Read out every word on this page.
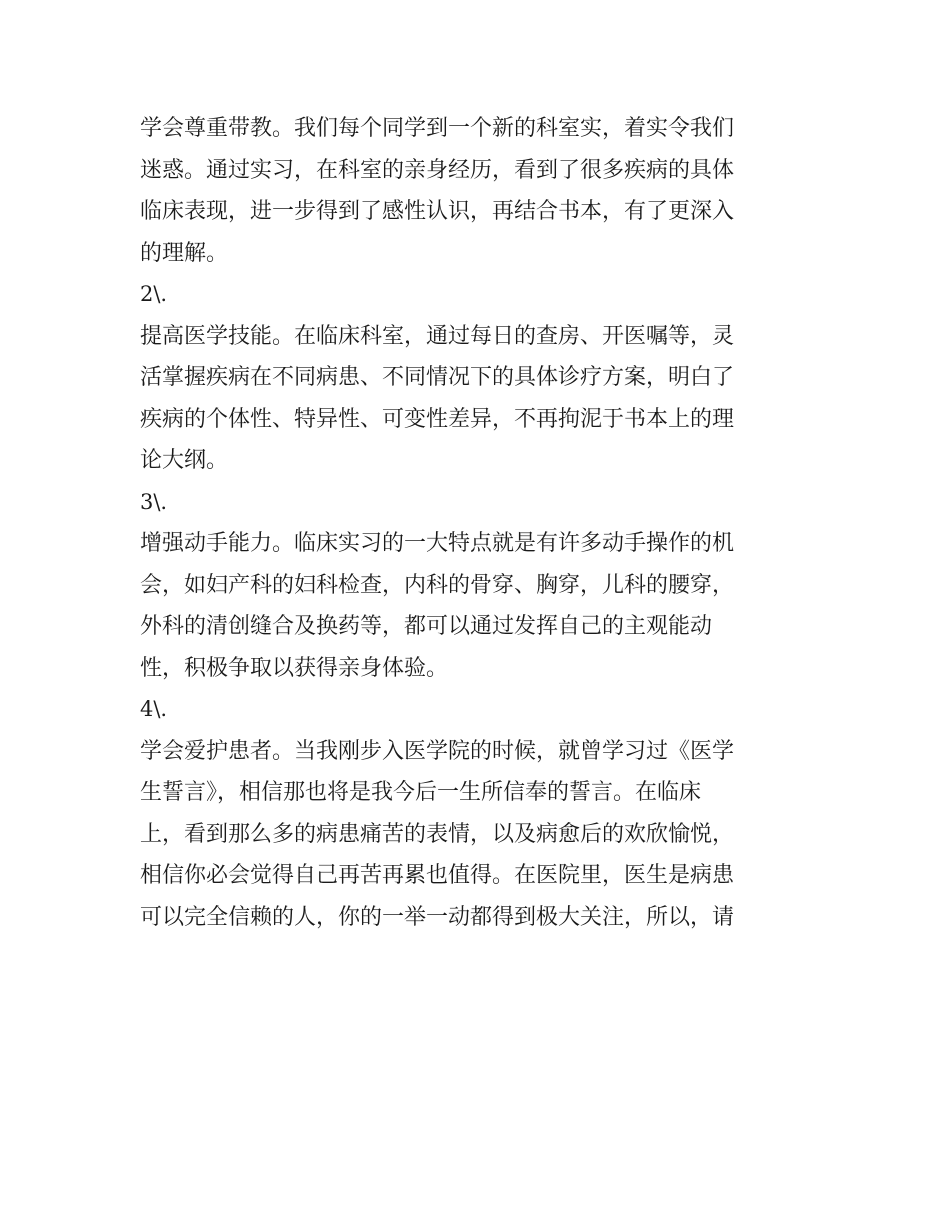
学会尊重带教。我们每个同学到一个新的科室实，着实令我们
迷惑。通过实习，在科室的亲身经历，看到了很多疾病的具体
临床表现，进一步得到了感性认识，再结合书本，有了更深入
的理解。
2\.
提高医学技能。在临床科室，通过每日的查房、开医嘱等，灵
活掌握疾病在不同病患、不同情况下的具体诊疗方案，明白了
疾病的个体性、特异性、可变性差异，不再拘泥于书本上的理
论大纲。
3\.
增强动手能力。临床实习的一大特点就是有许多动手操作的机
会，如妇产科的妇科检查，内科的骨穿、胸穿，儿科的腰穿，
外科的清创缝合及换药等，都可以通过发挥自己的主观能动
性，积极争取以获得亲身体验。
4\.
学会爱护患者。当我刚步入医学院的时候，就曾学习过《医学
生誓言》，相信那也将是我今后一生所信奉的誓言。在临床
上，看到那么多的病患痛苦的表情，以及病愈后的欢欣愉悦，
相信你必会觉得自己再苦再累也值得。在医院里，医生是病患
可以完全信赖的人，你的一举一动都得到极大关注，所以，请
